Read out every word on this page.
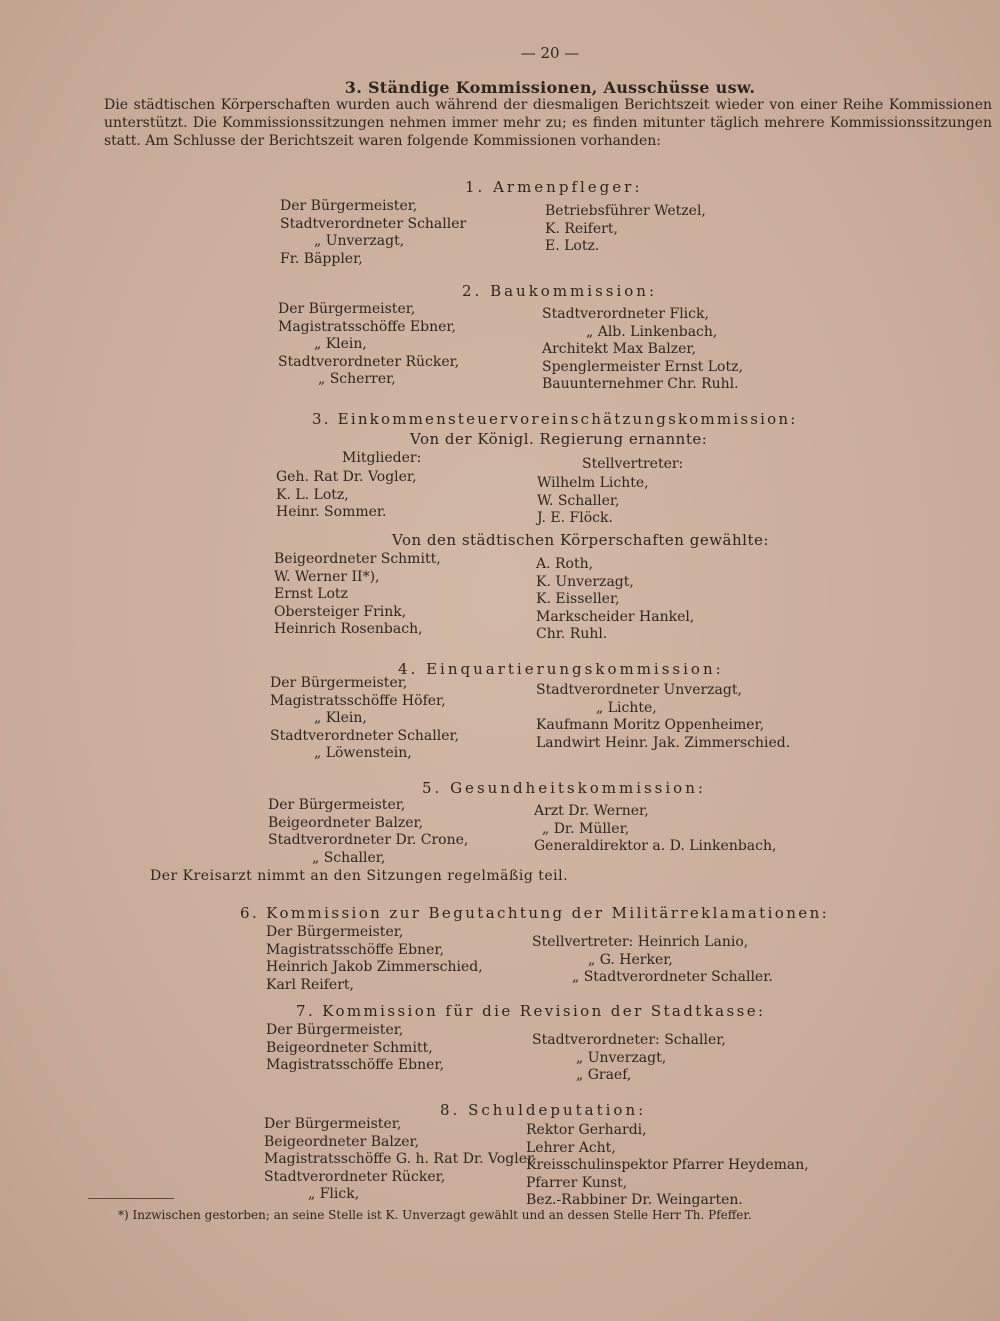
— 20 —
3. Ständige Kommissionen, Ausschüsse usw.
Die städtischen Körperschaften wurden auch während der diesmaligen Berichtszeit wieder von einer Reihe Kommissionen unterstützt. Die Kommissionssitzungen nehmen immer mehr zu; es finden mitunter täglich mehrere Kommissionssitzungen statt. Am Schlusse der Berichtszeit waren folgende Kommissionen vorhanden:
1. Armenpfleger:
Der Bürgermeister,
Stadtverordneter Schaller
„ Unverzagt,
Fr. Bäppler,
Betriebsführer Wetzel,
K. Reifert,
E. Lotz.
2. Baukommission:
Der Bürgermeister,
Magistratsschöffe Ebner,
„ Klein,
Stadtverordneter Rücker,
„ Scherrer,
Stadtverordneter Flick,
„ Alb. Linkenbach,
Architekt Max Balzer,
Spenglermeister Ernst Lotz,
Bauunternehmer Chr. Ruhl.
3. Einkommensteuervoreinschätzungskommission:
Von der Königl. Regierung ernannte:
Mitglieder:	Stellvertreter:
Geh. Rat Dr. Vogler,
K. L. Lotz,
Heinr. Sommer.
Wilhelm Lichte,
W. Schaller,
J. E. Flöck.
Von den städtischen Körperschaften gewählte:
Beigeordneter Schmitt,
W. Werner II*),
Ernst Lotz
Obersteiger Frink,
Heinrich Rosenbach,
A. Roth,
K. Unverzagt,
K. Eisseller,
Markscheider Hankel,
Chr. Ruhl.
4. Einquartierungskommission:
Der Bürgermeister,
Magistratsschöffe Höfer,
„ Klein,
Stadtverordneter Schaller,
„ Löwenstein,
Stadtverordneter Unverzagt,
„ Lichte,
Kaufmann Moritz Oppenheimer,
Landwirt Heinr. Jak. Zimmerschied.
5. Gesundheitskommission:
Der Bürgermeister,
Beigeordneter Balzer,
Stadtverordneter Dr. Crone,
„ Schaller,
Arzt Dr. Werner,
„ Dr. Müller,
Generaldirektor a. D. Linkenbach,
Der Kreisarzt nimmt an den Sitzungen regelmäßig teil.
6. Kommission zur Begutachtung der Militärreklamationen:
Der Bürgermeister,
Magistratsschöffe Ebner,
Heinrich Jakob Zimmerschied,
Karl Reifert,
Stellvertreter: Heinrich Lanio,
„ G. Herker,
„ Stadtverordneter Schaller.
7. Kommission für die Revision der Stadtkasse:
Der Bürgermeister,
Beigeordneter Schmitt,
Magistratsschöffe Ebner,
Stadtverordneter: Schaller,
„ Unverzagt,
„ Graef,
8. Schuldeputation:
Der Bürgermeister,
Beigeordneter Balzer,
Magistratsschöffe G. h. Rat Dr. Vogler,
Stadtverordneter Rücker,
„ Flick,
Rektor Gerhardi,
Lehrer Acht,
Kreisschulinspektor Pfarrer Heydeman,
Pfarrer Kunst,
Bez.-Rabbiner Dr. Weingarten.
*) Inzwischen gestorben; an seine Stelle ist K. Unverzagt gewählt und an dessen Stelle Herr Th. Pfeffer.
